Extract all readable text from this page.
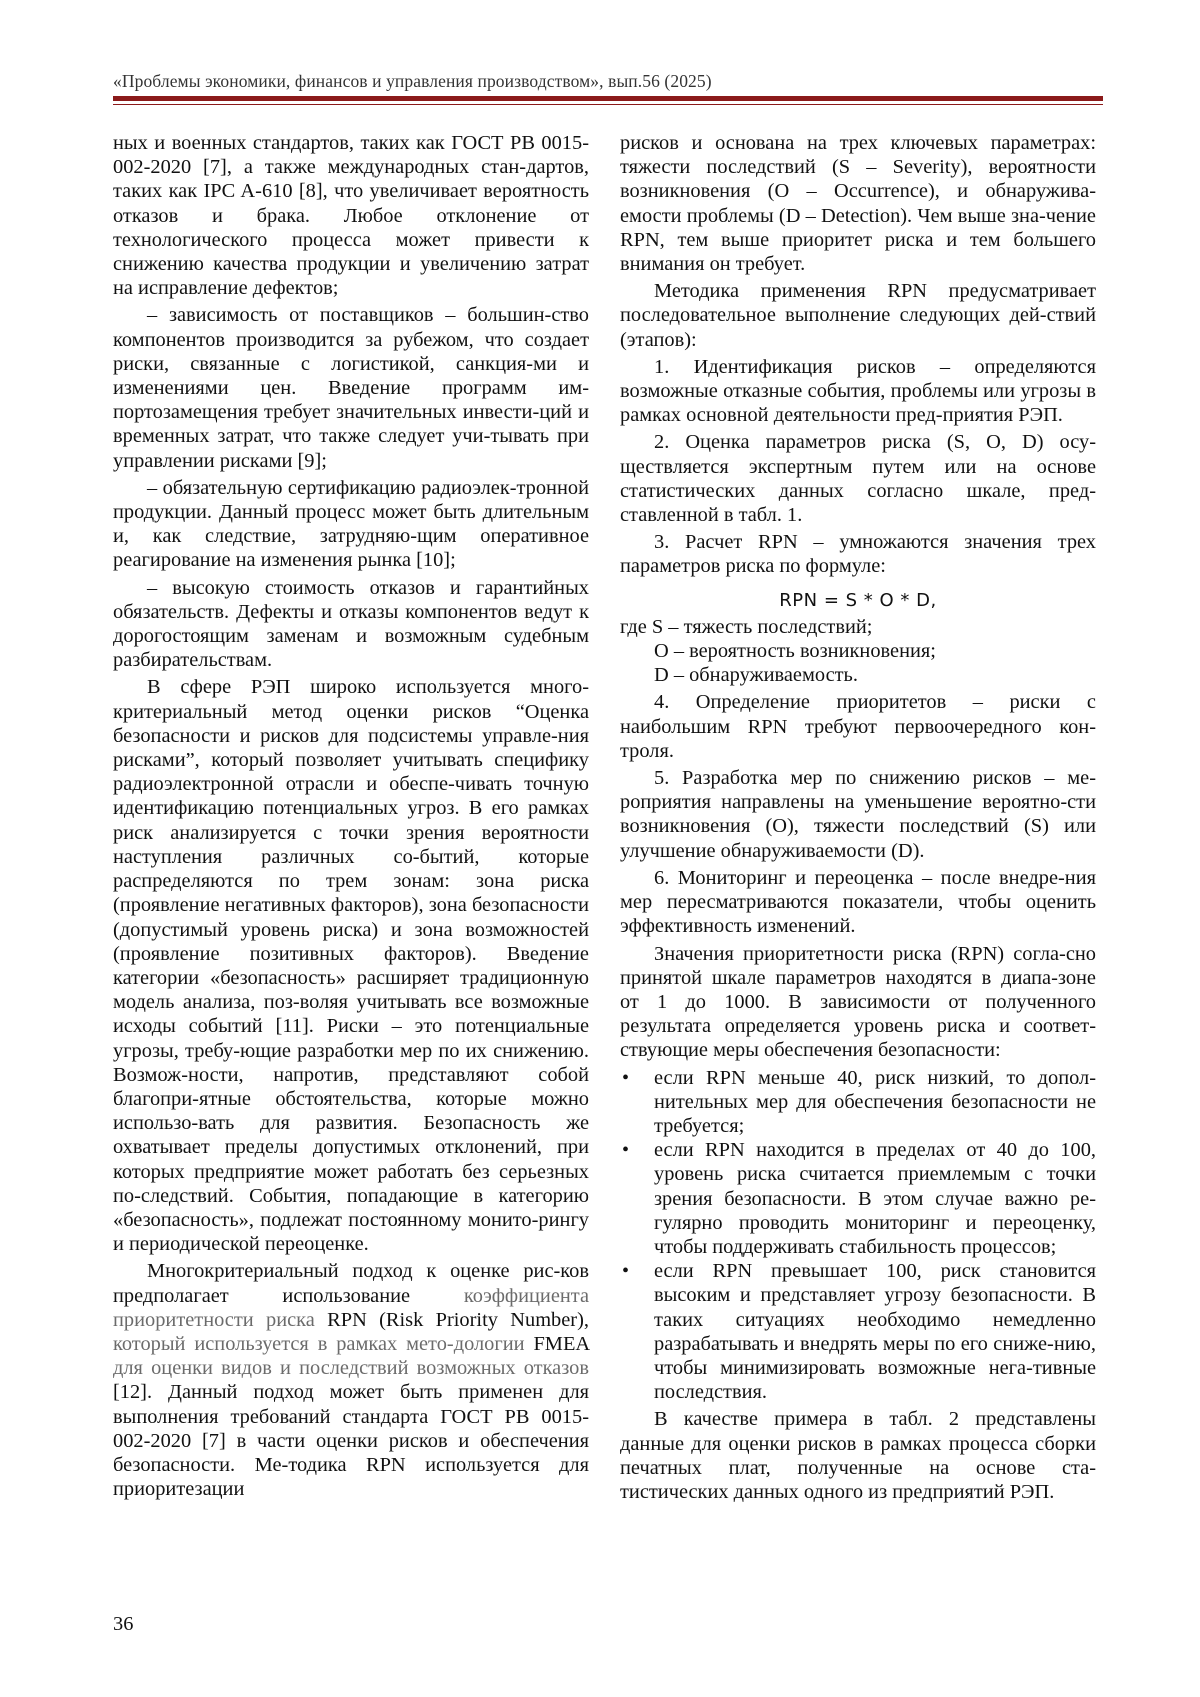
«Проблемы экономики, финансов и управления производством», вып.56 (2025)

ных и военных стандартов, таких как ГОСТ РВ 0015-002-2020 [7], а также международных стан-дартов, таких как IPC A-610 [8], что увеличивает вероятность отказов и брака. Любое отклонение от технологического процесса может привести к снижению качества продукции и увеличению затрат на исправление дефектов;

– зависимость от поставщиков – большин-ство компонентов производится за рубежом, что создает риски, связанные с логистикой, санкция-ми и изменениями цен. Введение программ им-портозамещения требует значительных инвести-ций и временных затрат, что также следует учи-тывать при управлении рисками [9];

– обязательную сертификацию радиоэлек-тронной продукции. Данный процесс может быть длительным и, как следствие, затрудняю-щим оперативное реагирование на изменения рынка [10];

– высокую стоимость отказов и гарантийных обязательств. Дефекты и отказы компонентов ведут к дорогостоящим заменам и возможным судебным разбирательствам.

В сфере РЭП широко используется много-критериальный метод оценки рисков “Оценка безопасности и рисков для подсистемы управле-ния рисками”, который позволяет учитывать специфику радиоэлектронной отрасли и обеспе-чивать точную идентификацию потенциальных угроз. В его рамках риск анализируется с точки зрения вероятности наступления различных со-бытий, которые распределяются по трем зонам: зона риска (проявление негативных факторов), зона безопасности (допустимый уровень риска) и зона возможностей (проявление позитивных факторов). Введение категории «безопасность» расширяет традиционную модель анализа, поз-воляя учитывать все возможные исходы событий [11]. Риски – это потенциальные угрозы, требу-ющие разработки мер по их снижению. Возмож-ности, напротив, представляют собой благопри-ятные обстоятельства, которые можно использо-вать для развития. Безопасность же охватывает пределы допустимых отклонений, при которых предприятие может работать без серьезных по-следствий. События, попадающие в категорию «безопасность», подлежат постоянному монито-рингу и периодической переоценке.

Многокритериальный подход к оценке рис-ков предполагает использование	коэффициента приоритетности риска RPN (Risk Priority Number), который используется в рамках мето-дологии FMEA для оценки видов и последствий возможных отказов [12]. Данный подход может быть применен для выполнения требований стандарта ГОСТ РВ 0015-002-2020 [7] в части оценки рисков и обеспечения безопасности. Ме-тодика RPN используется для приоритезации

рисков и основана на трех ключевых параметрах: тяжести последствий (S – Severity), вероятности возникновения (O – Occurrence), и обнаружива-емости проблемы (D – Detection). Чем выше зна-чение RPN, тем выше приоритет риска и тем большего внимания он требует.

Методика применения RPN предусматривает последовательное выполнение следующих дей-ствий (этапов):

1. Идентификация рисков – определяются возможные отказные события, проблемы или угрозы в рамках основной деятельности пред-приятия РЭП.

2. Оценка параметров риска (S, O, D) осу-ществляется экспертным путем или на основе статистических данных согласно шкале, пред-ставленной в табл. 1.

3. Расчет RPN – умножаются значения трех параметров риска по формуле:

RPN = S * O * D,

где S – тяжесть последствий;

O – вероятность возникновения;

D – обнаруживаемость.

4. Определение приоритетов – риски с наибольшим RPN требуют первоочередного кон-троля.

5. Разработка мер по снижению рисков – ме-роприятия направлены на уменьшение вероятно-сти возникновения (O), тяжести последствий (S) или улучшение обнаруживаемости (D).

6. Мониторинг и переоценка – после внедре-ния мер пересматриваются показатели, чтобы оценить эффективность изменений.

Значения приоритетности риска (RPN) согла-сно принятой шкале параметров находятся в диапа-зоне от 1 до 1000. В зависимости от полученного результата определяется уровень риска и соответ-ствующие меры обеспечения безопасности:

• если RPN меньше 40, риск низкий, то допол-нительных мер для обеспечения безопасности не требуется;
• если RPN находится в пределах от 40 до 100, уровень риска считается приемлемым с точки зрения безопасности. В этом случае важно ре-гулярно проводить мониторинг и переоценку, чтобы поддерживать стабильность процессов;
• если RPN превышает 100, риск становится высоким и представляет угрозу безопасности. В таких ситуациях необходимо немедленно разрабатывать и внедрять меры по его сниже-нию, чтобы минимизировать возможные нега-тивные последствия.

В качестве примера в табл. 2 представлены данные для оценки рисков в рамках процесса сборки печатных плат, полученные на основе ста-тистических данных одного из предприятий РЭП.

36
